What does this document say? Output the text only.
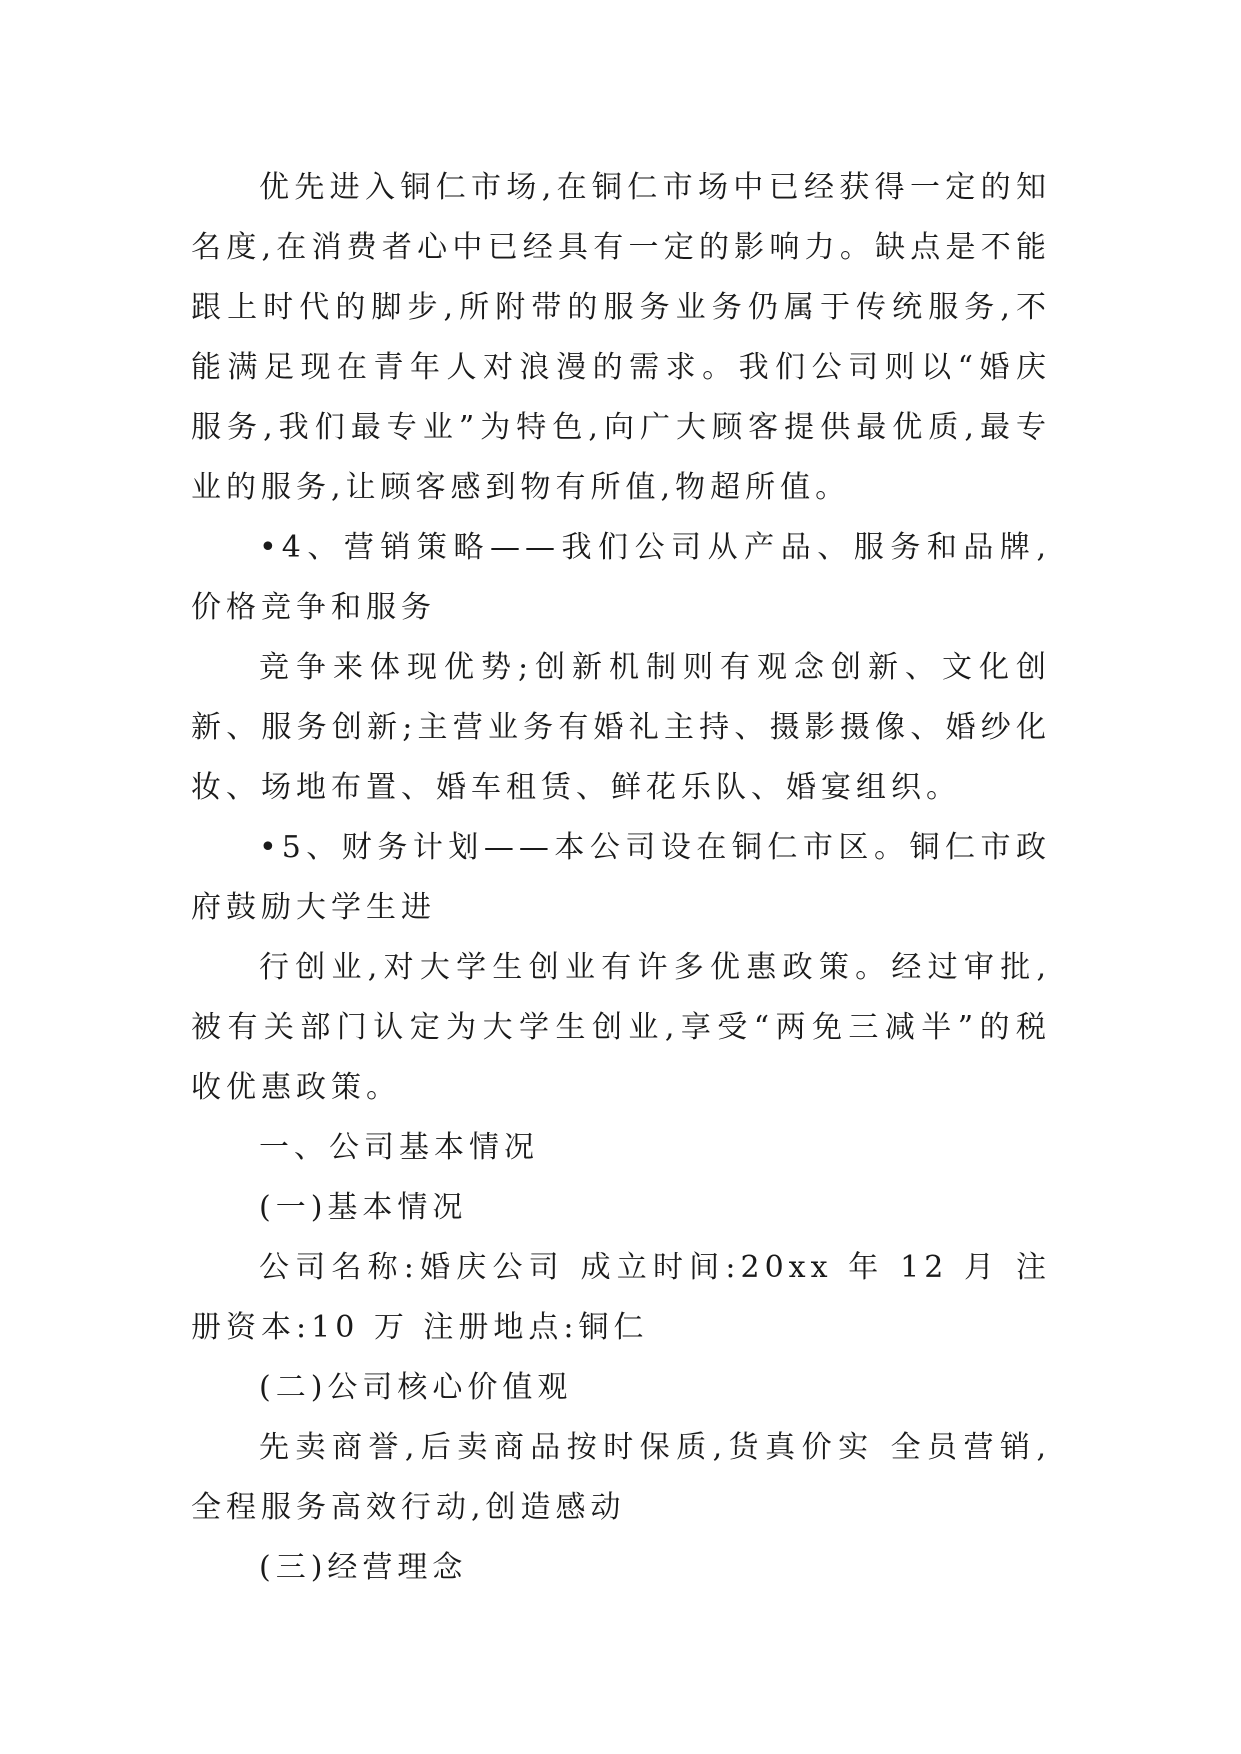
优先进入铜仁市场,在铜仁市场中已经获得一定的知名度,在消费者心中已经具有一定的影响力。缺点是不能跟上时代的脚步,所附带的服务业务仍属于传统服务,不能满足现在青年人对浪漫的需求。我们公司则以“婚庆服务,我们最专业”为特色,向广大顾客提供最优质,最专业的服务,让顾客感到物有所值,物超所值。

•4、营销策略——我们公司从产品、服务和品牌,价格竞争和服务

竞争来体现优势;创新机制则有观念创新、文化创新、服务创新;主营业务有婚礼主持、摄影摄像、婚纱化妆、场地布置、婚车租赁、鲜花乐队、婚宴组织。

•5、财务计划——本公司设在铜仁市区。铜仁市政府鼓励大学生进

行创业,对大学生创业有许多优惠政策。经过审批,被有关部门认定为大学生创业,享受“两免三减半”的税收优惠政策。

一、公司基本情况

(一)基本情况

公司名称:婚庆公司 成立时间:20xx 年 12 月 注册资本:10 万 注册地点:铜仁

(二)公司核心价值观

先卖商誉,后卖商品按时保质,货真价实 全员营销,全程服务高效行动,创造感动

(三)经营理念
